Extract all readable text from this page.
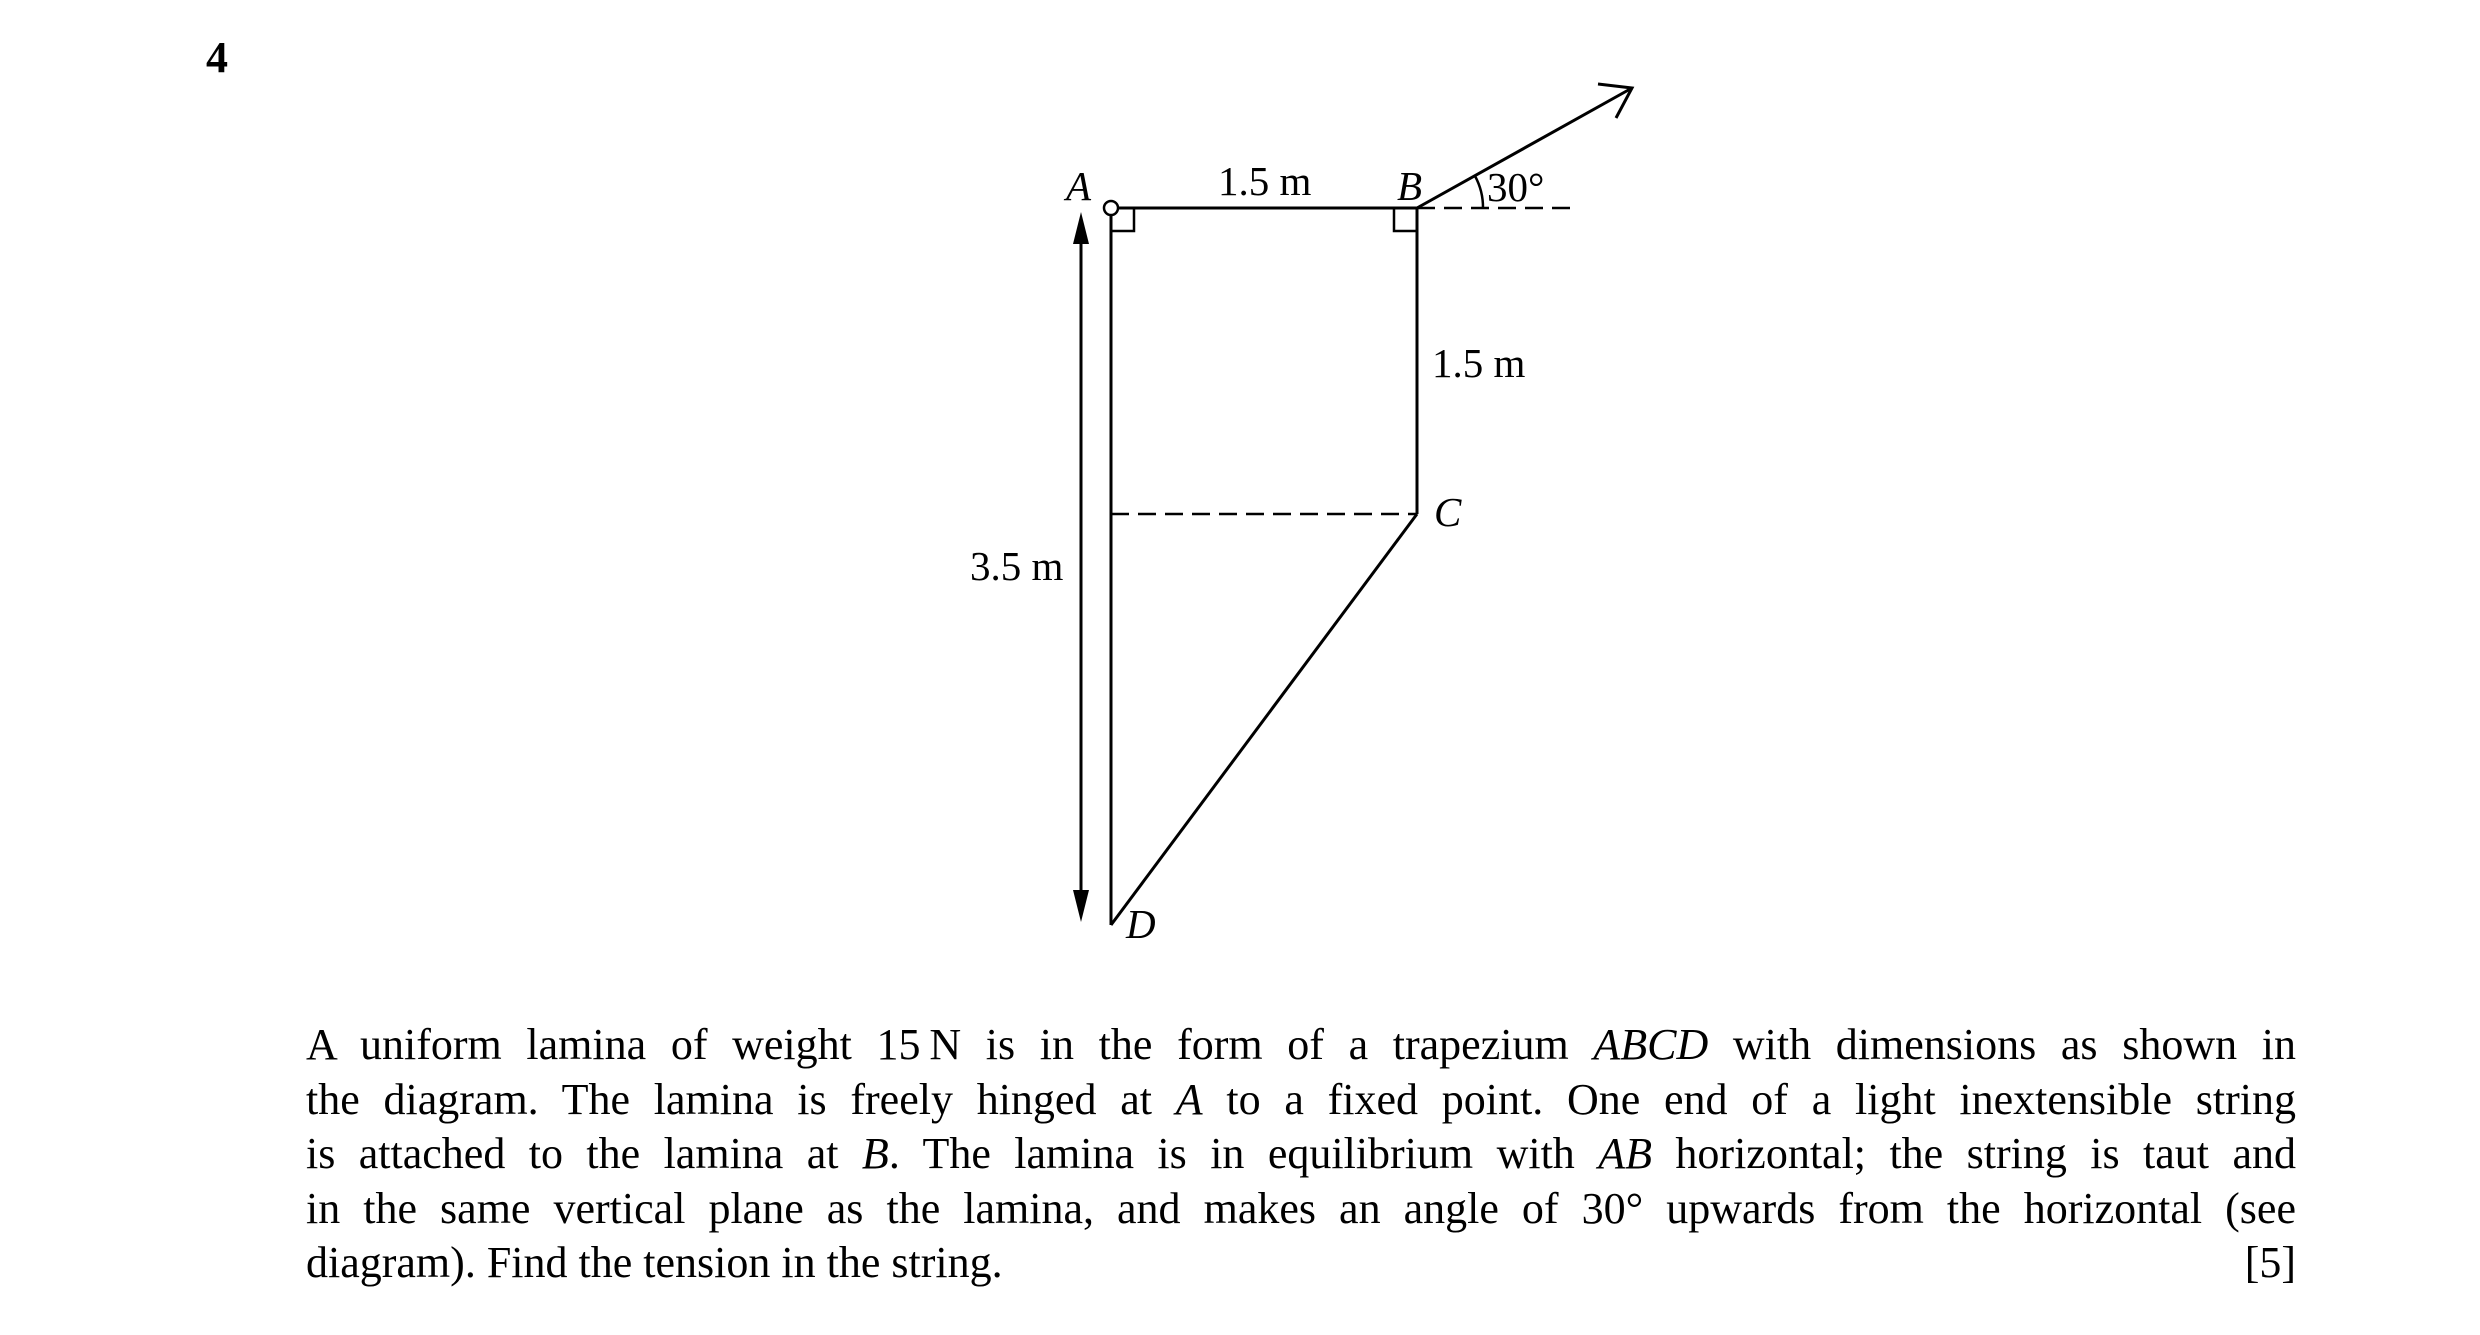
4
A	B
C
D
1.5 m
1.5 m
3.5 m
30°
A uniform lamina of weight 15 N is in the form of a trapezium ABCD with dimensions as shown in
the diagram. The lamina is freely hinged at A to a fixed point. One end of a light inextensible string
is attached to the lamina at B. The lamina is in equilibrium with AB horizontal; the string is taut and
in the same vertical plane as the lamina, and makes an angle of 30° upwards from the horizontal (see
diagram). Find the tension in the string.	[5]
